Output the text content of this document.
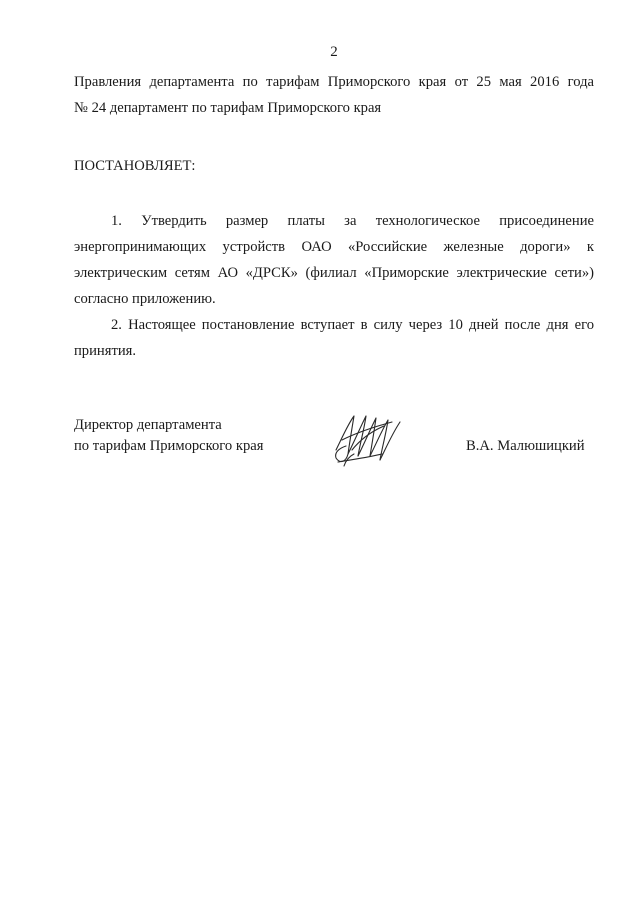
2
Правления департамента по тарифам Приморского края от 25 мая 2016 года
№ 24 департамент по тарифам Приморского края
ПОСТАНОВЛЯЕТ:
1. Утвердить размер платы за технологическое присоединение
энергопринимающих устройств ОАО «Российские железные дороги» к
электрическим сетям АО «ДРСК» (филиал «Приморские электрические сети»)
согласно приложению.
2. Настоящее постановление вступает в силу через 10 дней после дня его
принятия.
Директор департамента
по тарифам Приморского края	В.А. Малюшицкий
